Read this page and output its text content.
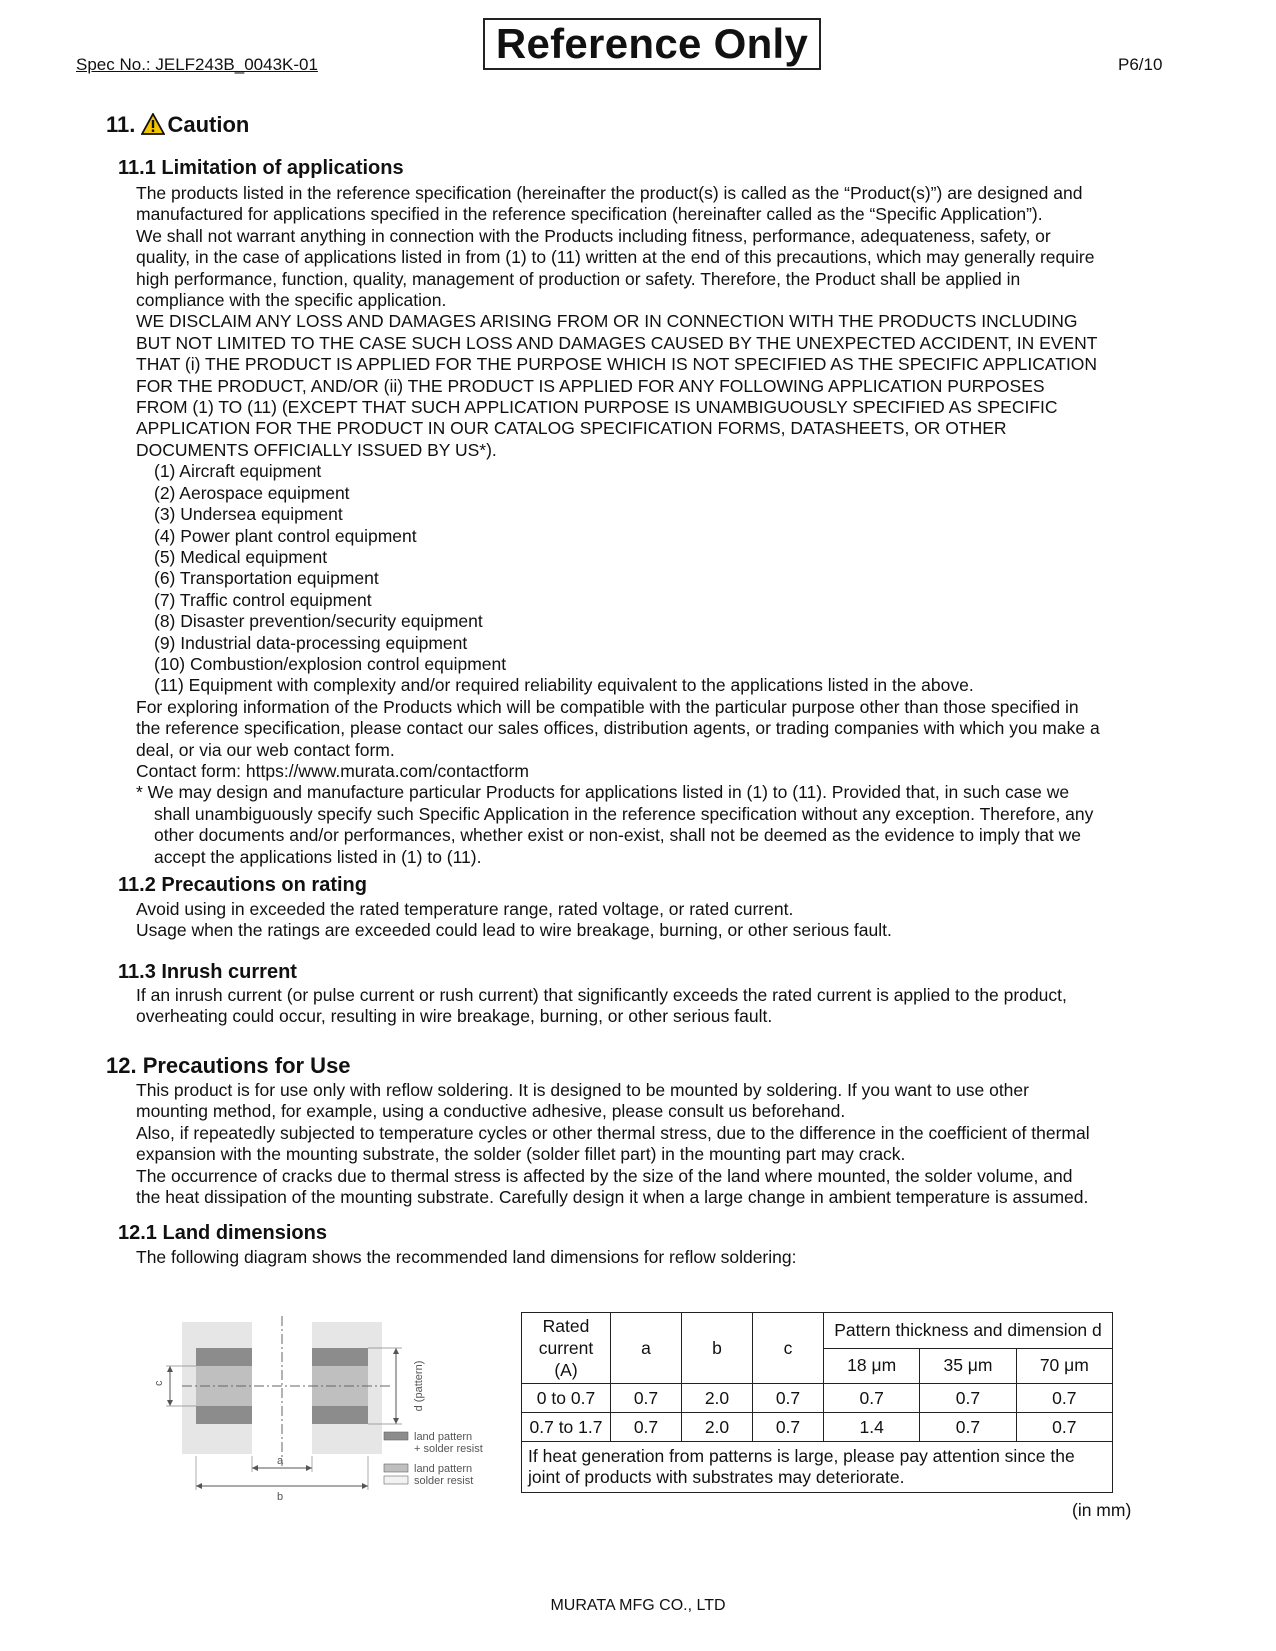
Spec No.: JELF243B_0043K-01	Reference Only	P6/10
11. Caution
11.1 Limitation of applications

The products listed in the reference specification (hereinafter the product(s) is called as the “Product(s)”) are designed and

manufactured for applications specified in the reference specification (hereinafter called as the “Specific Application”).

We shall not warrant anything in connection with the Products including fitness, performance, adequateness, safety, or

quality, in the case of applications listed in from (1) to (11) written at the end of this precautions, which may generally require

high performance, function, quality, management of production or safety. Therefore, the Product shall be applied in

compliance with the specific application.

WE DISCLAIM ANY LOSS AND DAMAGES ARISING FROM OR IN CONNECTION WITH THE PRODUCTS INCLUDING

BUT NOT LIMITED TO THE CASE SUCH LOSS AND DAMAGES CAUSED BY THE UNEXPECTED ACCIDENT, IN EVENT

THAT (i) THE PRODUCT IS APPLIED FOR THE PURPOSE WHICH IS NOT SPECIFIED AS THE SPECIFIC APPLICATION

FOR THE PRODUCT, AND/OR (ii) THE PRODUCT IS APPLIED FOR ANY FOLLOWING APPLICATION PURPOSES

FROM (1) TO (11) (EXCEPT THAT SUCH APPLICATION PURPOSE IS UNAMBIGUOUSLY SPECIFIED AS SPECIFIC

APPLICATION FOR THE PRODUCT IN OUR CATALOG SPECIFICATION FORMS, DATASHEETS, OR OTHER

DOCUMENTS OFFICIALLY ISSUED BY US*).

(1) Aircraft equipment

(2) Aerospace equipment

(3) Undersea equipment

(4) Power plant control equipment

(5) Medical equipment

(6) Transportation equipment

(7) Traffic control equipment

(8) Disaster prevention/security equipment

(9) Industrial data-processing equipment

(10) Combustion/explosion control equipment

(11) Equipment with complexity and/or required reliability equivalent to the applications listed in the above.

For exploring information of the Products which will be compatible with the particular purpose other than those specified in

the reference specification, please contact our sales offices, distribution agents, or trading companies with which you make a

deal, or via our web contact form.

Contact form: https://www.murata.com/contactform

* We may design and manufacture particular Products for applications listed in (1) to (11). Provided that, in such case we

shall unambiguously specify such Specific Application in the reference specification without any exception. Therefore, any

other documents and/or performances, whether exist or non-exist, shall not be deemed as the evidence to imply that we

accept the applications listed in (1) to (11).

11.2 Precautions on rating

Avoid using in exceeded the rated temperature range, rated voltage, or rated current.

Usage when the ratings are exceeded could lead to wire breakage, burning, or other serious fault.

11.3 Inrush current

If an inrush current (or pulse current or rush current) that significantly exceeds the rated current is applied to the product,

overheating could occur, resulting in wire breakage, burning, or other serious fault.

12. Precautions for Use

This product is for use only with reflow soldering. It is designed to be mounted by soldering. If you want to use other

mounting method, for example, using a conductive adhesive, please consult us beforehand.

Also, if repeatedly subjected to temperature cycles or other thermal stress, due to the difference in the coefficient of thermal

expansion with the mounting substrate, the solder (solder fillet part) in the mounting part may crack.

The occurrence of cracks due to thermal stress is affected by the size of the land where mounted, the solder volume, and

the heat dissipation of the mounting substrate. Carefully design it when a large change in ambient temperature is assumed.

12.1 Land dimensions
The following diagram shows the recommended land dimensions for reflow soldering:
c	d (pattern)
a
b
land pattern
+ solder resist
land pattern
solder resist
Rated current (A)	a	b	c	Pattern thickness and dimension d		
				18 μm	35 μm	70 μm
0 to 0.7	0.7	2.0	0.7	0.7	0.7	0.7
0.7 to 1.7	0.7	2.0	0.7	1.4	0.7	0.7
If heat generation from patterns is large, please pay attention since the joint of products with substrates may deteriorate.						
(in mm)
MURATA MFG CO., LTD
